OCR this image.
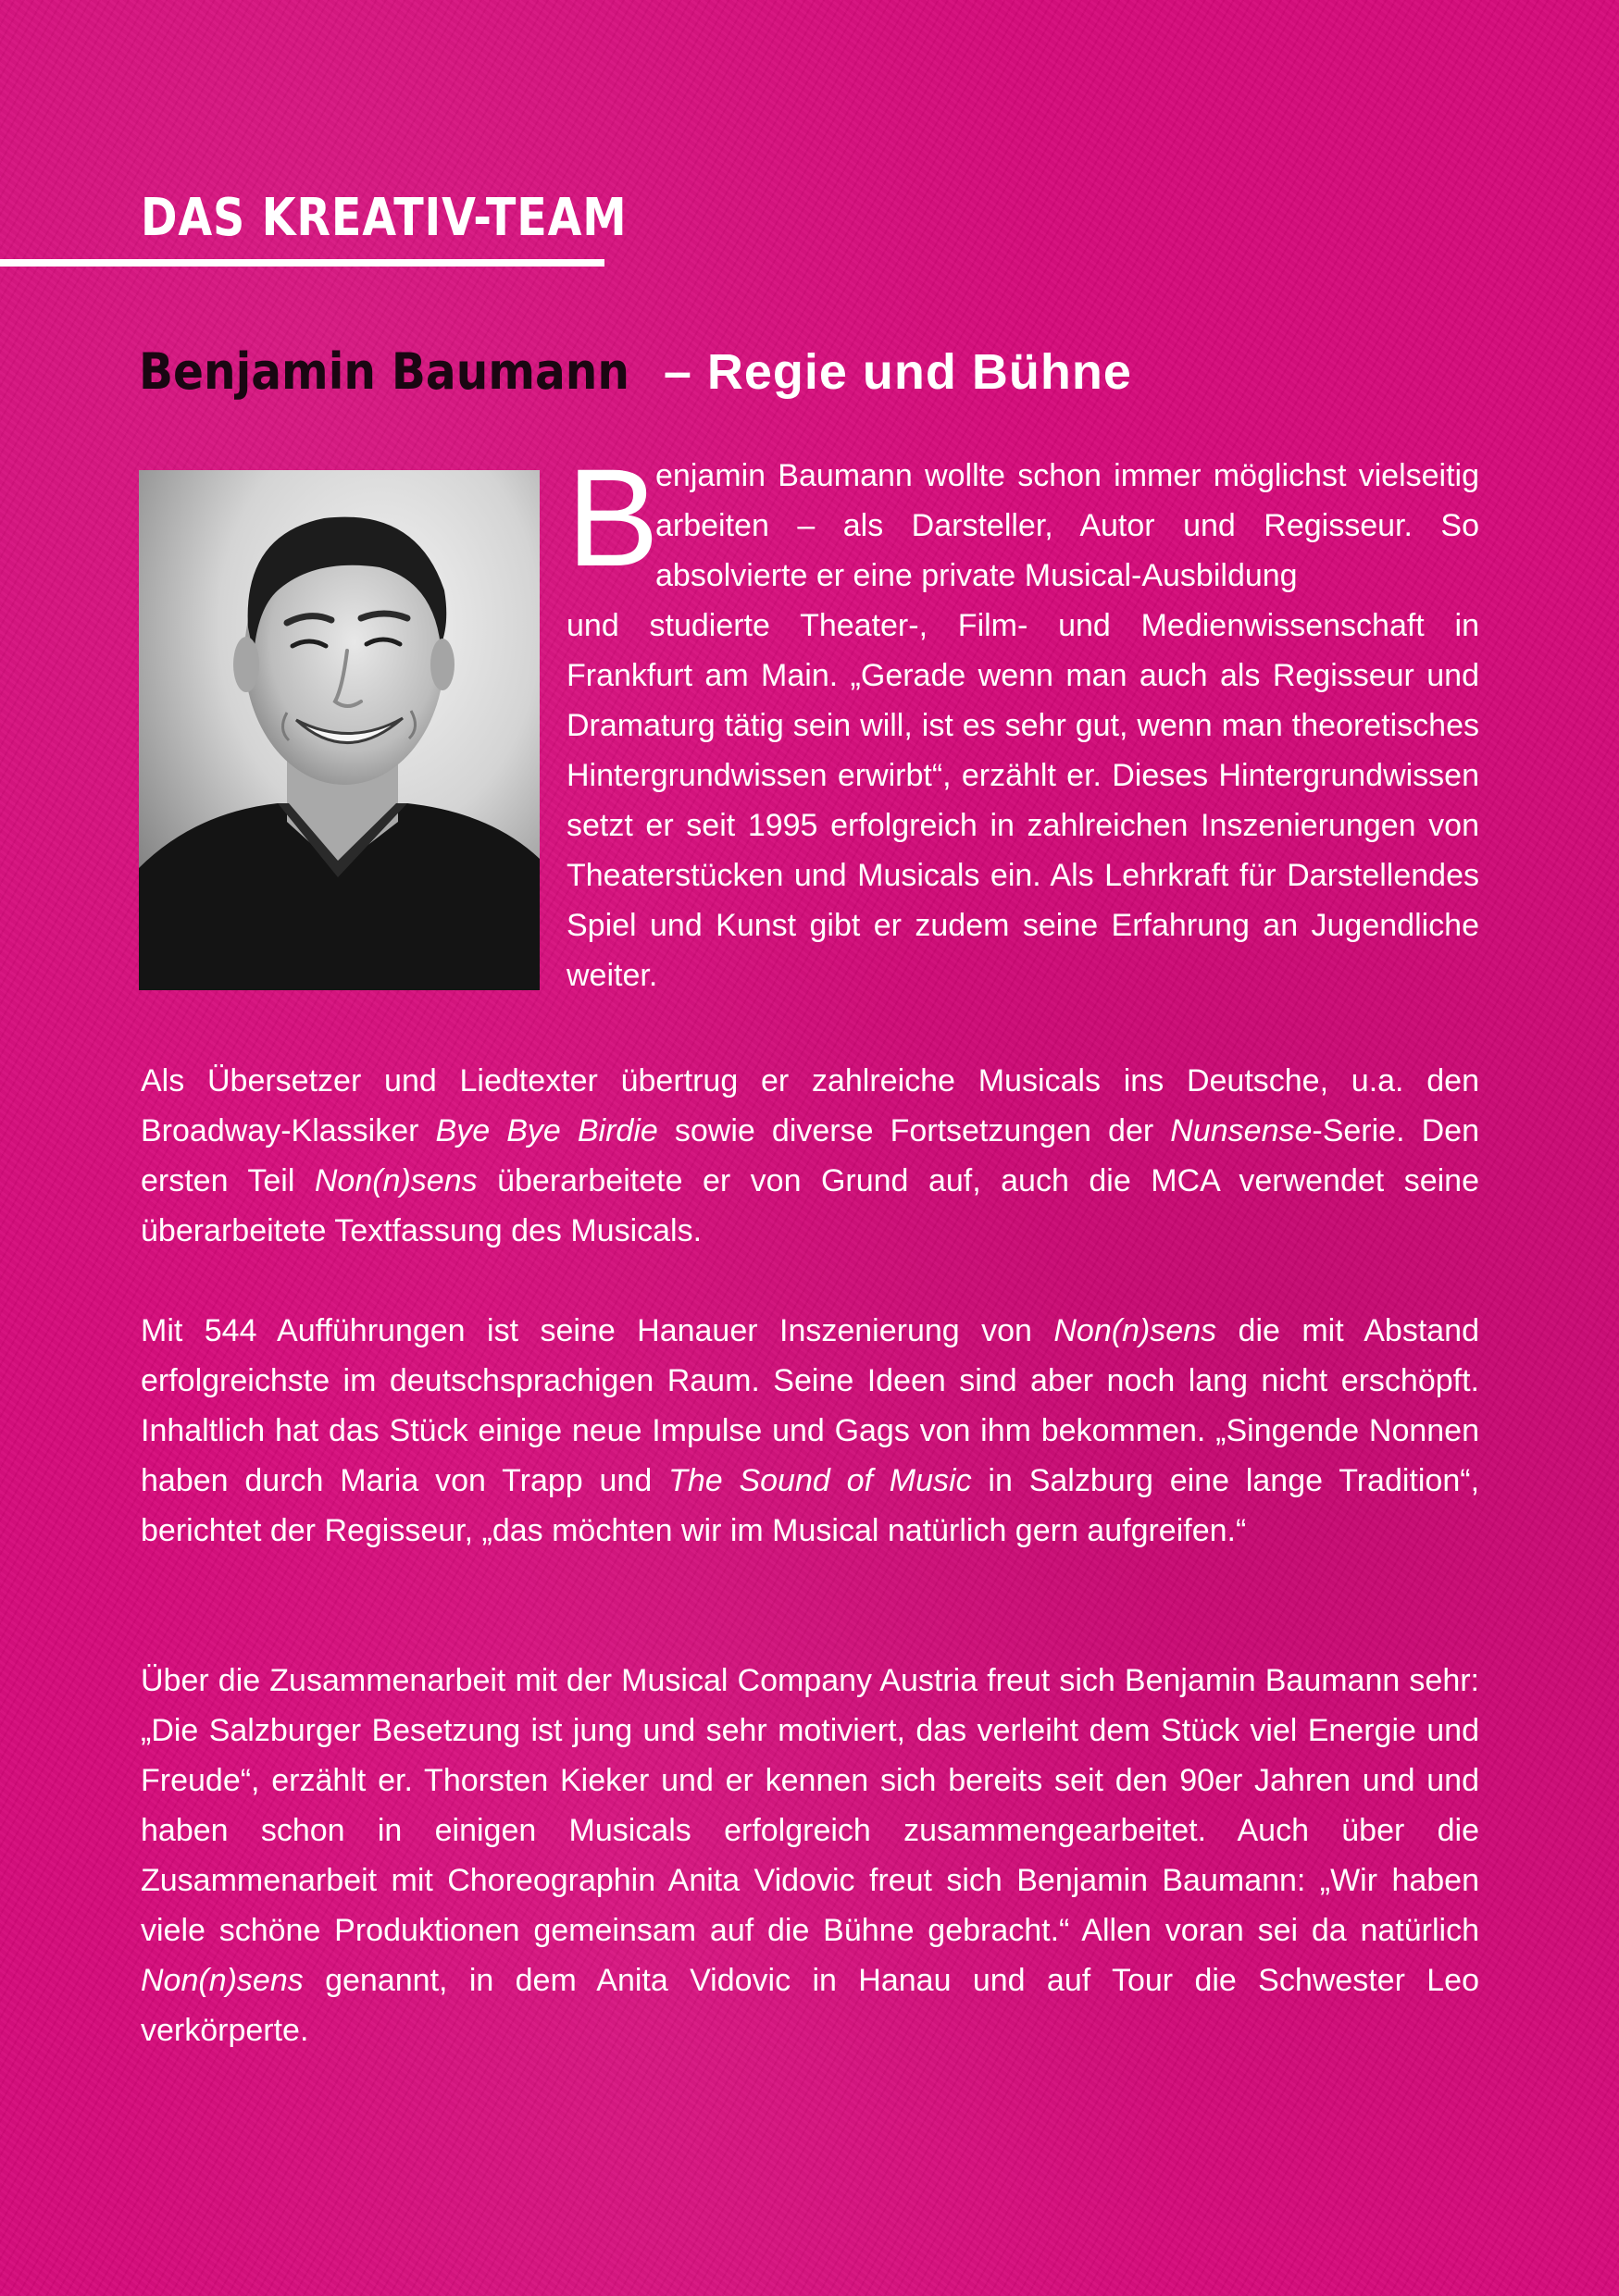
DAS KREATIV-TEAM
Benjamin Baumann – Regie und Bühne
B

enjamin Baumann wollte schon immer möglichst vielseitig arbeiten – als Darsteller, Autor und Regisseur. So absolvierte er eine private Musical-Ausbildung

und studierte Theater-, Film- und Medienwissenschaft in Frankfurt am Main. „Gerade wenn man auch als Regisseur und Dramaturg tätig sein will, ist es sehr gut, wenn man theoretisches Hintergrundwissen erwirbt“, erzählt er. Dieses Hintergrundwissen setzt er seit 1995 erfolgreich in zahlreichen Inszenierungen von Theaterstücken und Musicals ein. Als Lehrkraft für Darstellendes Spiel und Kunst gibt er zudem seine Erfahrung an Jugendliche weiter.

Als Übersetzer und Liedtexter übertrug er zahlreiche Musicals ins Deutsche, u.a. den Broadway-Klassiker Bye Bye Birdie sowie diverse Fortsetzungen der Nunsense-Serie. Den ersten Teil Non(n)sens überarbeitete er von Grund auf, auch die MCA verwendet seine überarbeitete Textfassung des Musicals.

Mit 544 Aufführungen ist seine Hanauer Inszenierung von Non(n)sens die mit Abstand erfolgreichste im deutschsprachigen Raum. Seine Ideen sind aber noch lang nicht erschöpft. Inhaltlich hat das Stück einige neue Impulse und Gags von ihm bekommen. „Singende Nonnen haben durch Maria von Trapp und The Sound of Music in Salzburg eine lange Tradition“, berichtet der Regisseur, „das möchten wir im Musical natürlich gern aufgreifen.“

Über die Zusammenarbeit mit der Musical Company Austria freut sich Benjamin Baumann sehr: „Die Salzburger Besetzung ist jung und sehr motiviert, das verleiht dem Stück viel Energie und Freude“, erzählt er. Thorsten Kieker und er kennen sich bereits seit den 90er Jahren und und haben schon in einigen Musicals erfolgreich zusammengearbeitet. Auch über die Zusammenarbeit mit Choreographin Anita Vidovic freut sich Benjamin Baumann: „Wir haben viele schöne Produktionen gemeinsam auf die Bühne gebracht.“ Allen voran sei da natürlich Non(n)sens genannt, in dem Anita Vidovic in Hanau und auf Tour die Schwester Leo verkörperte.
